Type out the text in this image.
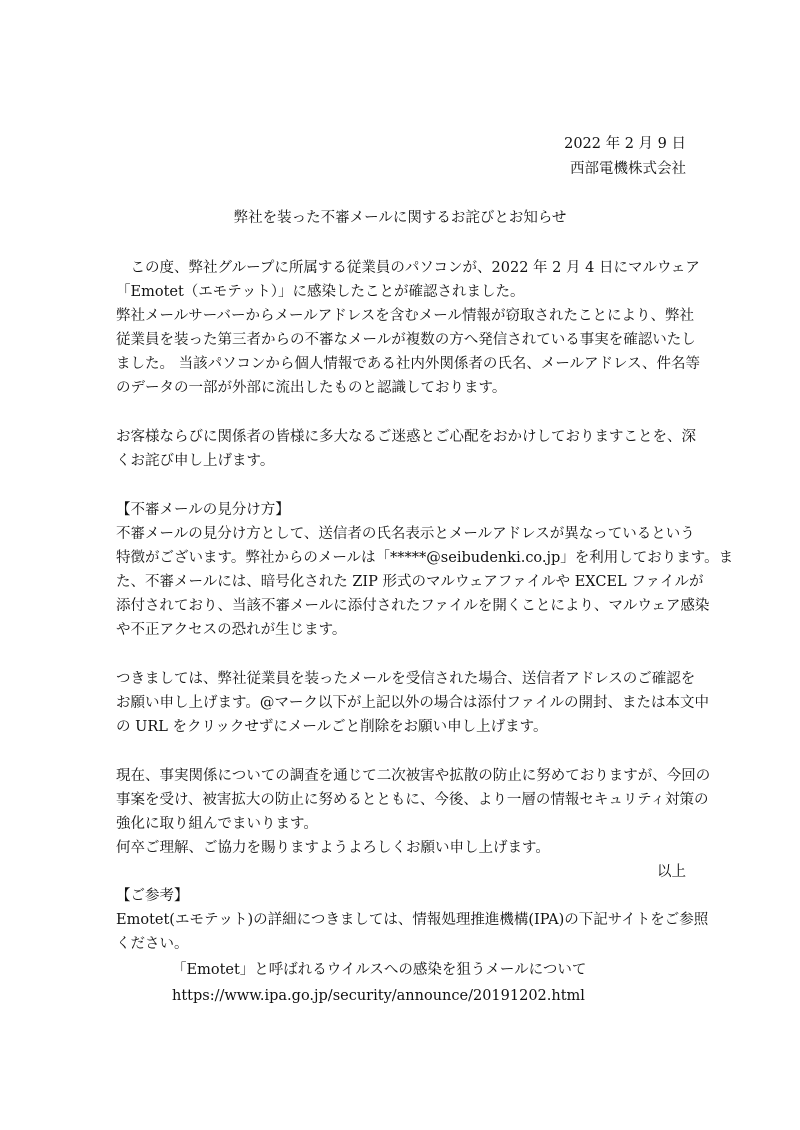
2022 年 2 月 9 日
西部電機株式会社
弊社を装った不審メールに関するお詫びとお知らせ
　この度、弊社グループに所属する従業員のパソコンが、2022 年 2 月 4 日にマルウェア
「Emotet（エモテット）」に感染したことが確認されました。
弊社メールサーバーからメールアドレスを含むメール情報が窃取されたことにより、弊社
従業員を装った第三者からの不審なメールが複数の方へ発信されている事実を確認いたし
ました。 当該パソコンから個人情報である社内外関係者の氏名、メールアドレス、件名等
のデータの一部が外部に流出したものと認識しております。
お客様ならびに関係者の皆様に多大なるご迷惑とご心配をおかけしておりますことを、深
くお詫び申し上げます。
【不審メールの見分け方】
不審メールの見分け方として、送信者の氏名表示とメールアドレスが異なっているという
特徴がございます。弊社からのメールは「*****@seibudenki.co.jp」を利用しております。ま
た、不審メールには、暗号化された ZIP 形式のマルウェアファイルや EXCEL ファイルが
添付されており、当該不審メールに添付されたファイルを開くことにより、マルウェア感染
や不正アクセスの恐れが生じます。
つきましては、弊社従業員を装ったメールを受信された場合、送信者アドレスのご確認を
お願い申し上げます。@マーク以下が上記以外の場合は添付ファイルの開封、または本文中
の URL をクリックせずにメールごと削除をお願い申し上げます。
現在、事実関係についての調査を通じて二次被害や拡散の防止に努めておりますが、今回の
事案を受け、被害拡大の防止に努めるとともに、今後、より一層の情報セキュリティ対策の
強化に取り組んでまいります。
何卒ご理解、ご協力を賜りますようよろしくお願い申し上げます。
以上
【ご参考】
Emotet(エモテット)の詳細につきましては、情報処理推進機構(IPA)の下記サイトをご参照
ください。
「Emotet」と呼ばれるウイルスへの感染を狙うメールについて
https://www.ipa.go.jp/security/announce/20191202.html
